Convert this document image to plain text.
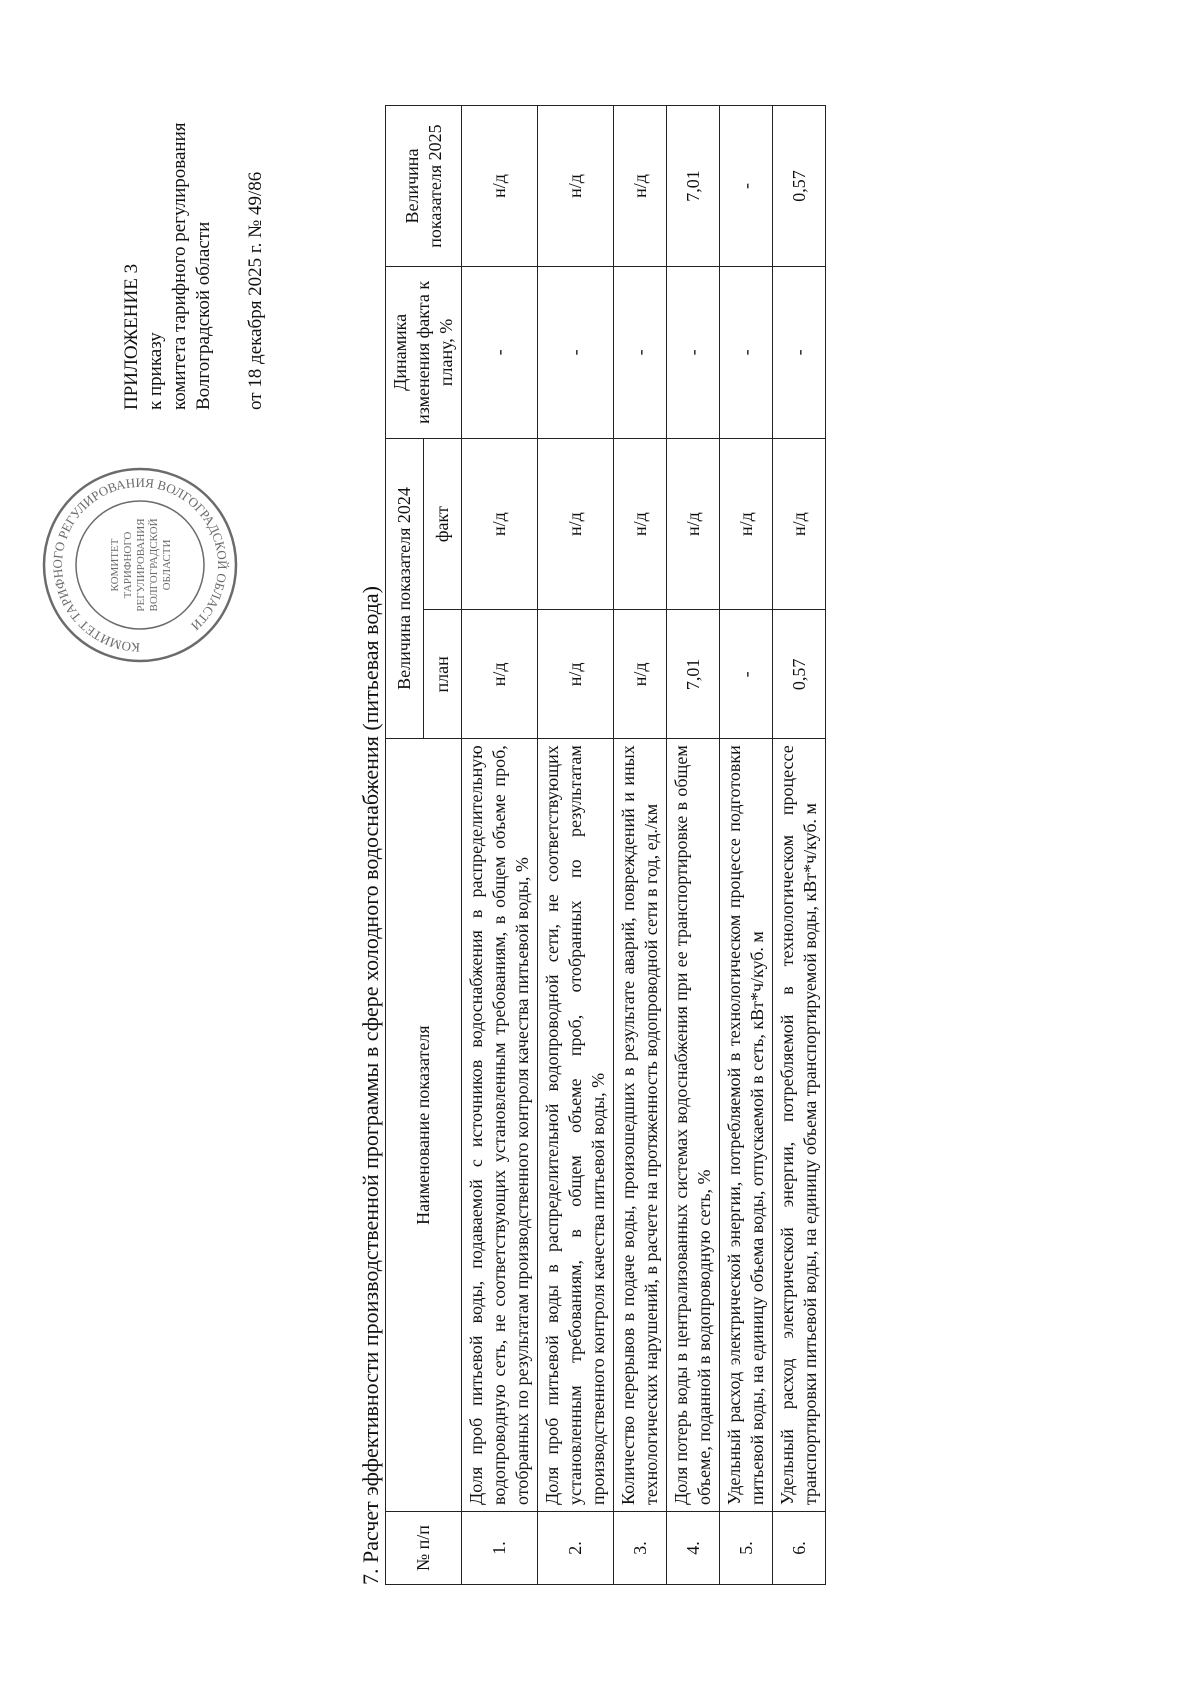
КОМИТЕТ ТАРИФНОГО РЕГУЛИРОВАНИЯ ВОЛГОГРАДСКОЙ ОБЛАСТИ
КОМИТЕТ ТАРИФНОГО РЕГУЛИРОВАНИЯ ВОЛГОГРАДСКОЙ ОБЛАСТИ
ПРИЛОЖЕНИЕ 3 к приказу комитета тарифного регулирования Волгоградской области от 18 декабря 2025 г. № 49/86
7. Расчет эффективности производственной программы в сфере холодного водоснабжения (питьевая вода) № п/п	Наименование показателя	Величина показателя 2024		Динамика изменения факта к плану, %	Величина показателя 2025
		план	факт		
1.	Доля проб питьевой воды, подаваемой с источников водоснабжения в распределительную водопроводную сеть, не соответствующих установленным требованиям, в общем объеме проб, отобранных по результатам производственного контроля качества питьевой воды, %	н/д	н/д	-	н/д
2.	Доля проб питьевой воды в распределительной водопроводной сети, не соответствующих установленным требованиям, в общем объеме проб, отобранных по результатам производственного контроля качества питьевой воды, %	н/д	н/д	-	н/д
3.	Количество перерывов в подаче воды, произошедших в результате аварий, повреждений и иных технологических нарушений, в расчете на протяженность водопроводной сети в год, ед./км	н/д	н/д	-	н/д
4.	Доля потерь воды в централизованных системах водоснабжения при ее транспортировке в общем объеме, поданной в водопроводную сеть, %	7,01	н/д	-	7,01
5.	Удельный расход электрической энергии, потребляемой в технологическом процессе подготовки питьевой воды, на единицу объема воды, отпускаемой в сеть, кВт*ч/куб. м	-	н/д	-	-
6.	Удельный расход электрической энергии, потребляемой в технологическом процессе транспортировки питьевой воды, на единицу объема транспортируемой воды, кВт*ч/куб. м	0,57	н/д	-	0,57
